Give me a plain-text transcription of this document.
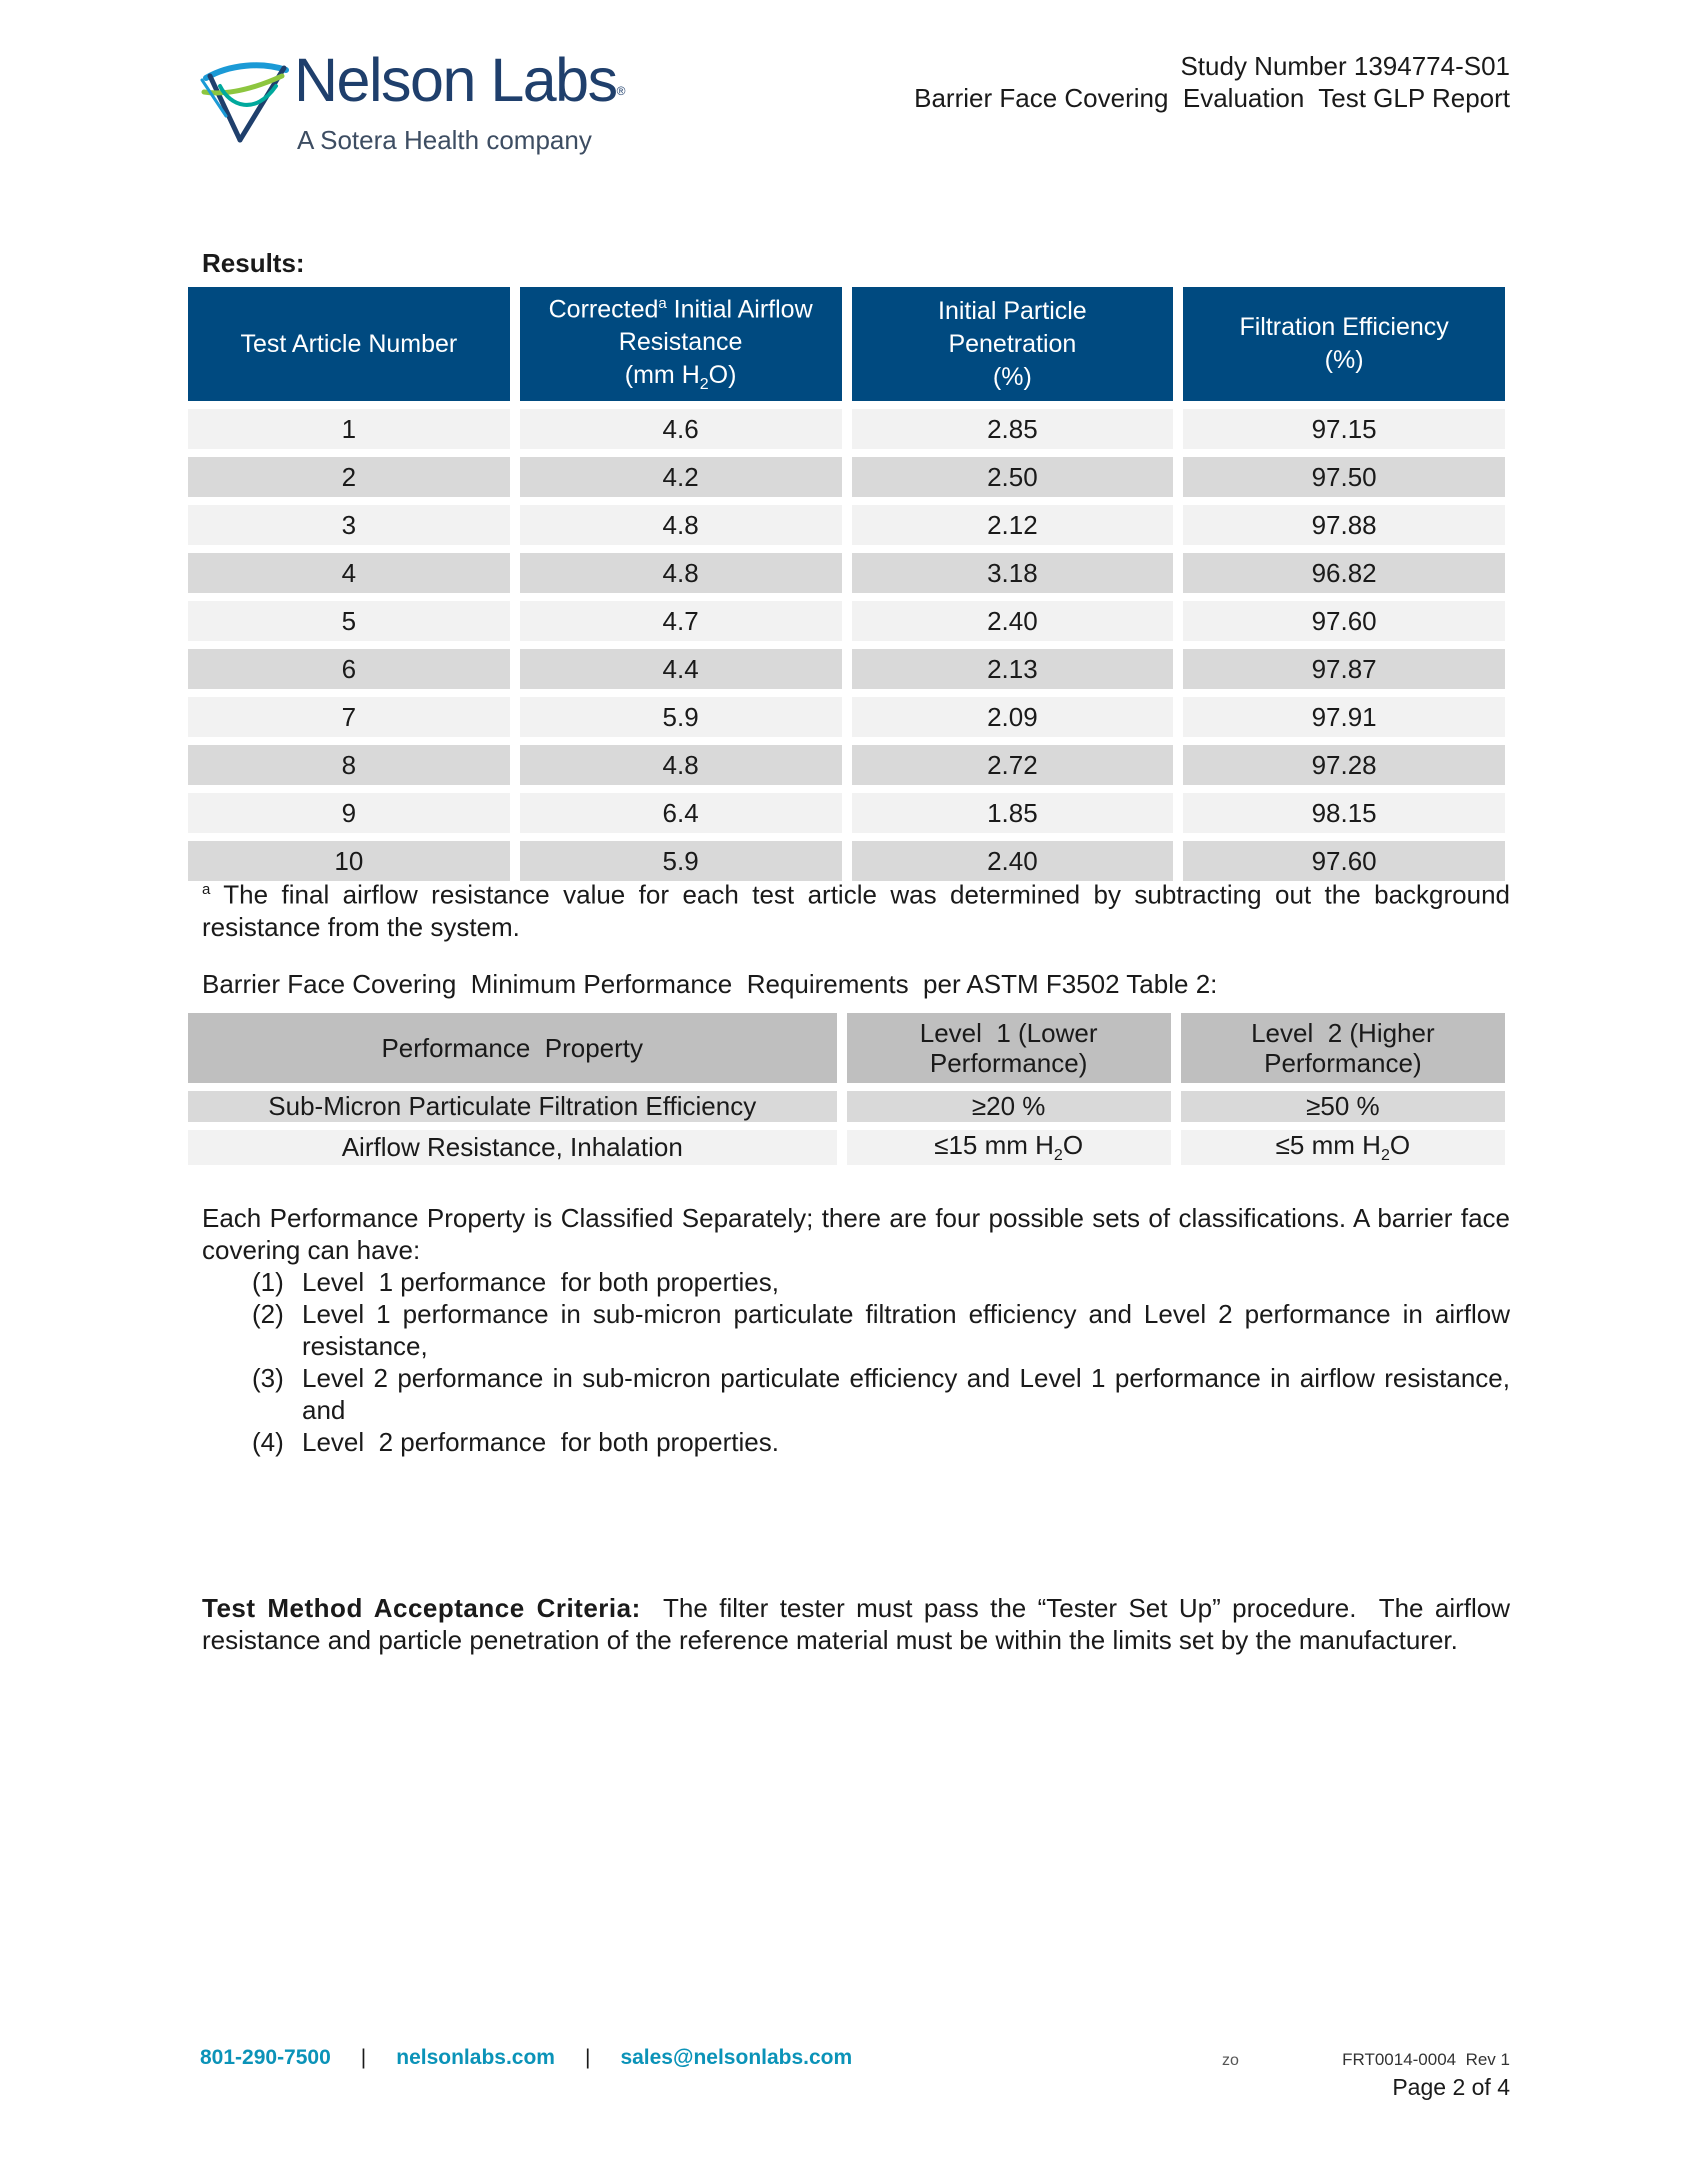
Nelson Labs®
A Sotera Health company
Study Number 1394774-S01
Barrier Face Covering  Evaluation  Test GLP Report
Results:
Test Article Number	Corrected$^a$ Initial Airflow
Resistance
(mm $H_2O$)	Initial Particle
Penetration
(%)	Filtration Efficiency
(%)
1	4.6	2.85	97.15
2	4.2	2.50	97.50
3	4.8	2.12	97.88
4	4.8	3.18	96.82
5	4.7	2.40	97.60
6	4.4	2.13	97.87
7	5.9	2.09	97.91
8	4.8	2.72	97.28
9	6.4	1.85	98.15
10	5.9	2.40	97.60
$^a$ The final airflow resistance value for each test article was determined by subtracting out the background resistance from the system.
Barrier Face Covering  Minimum Performance  Requirements  per ASTM F3502 Table 2:
Performance  Property	Level  1 (Lower
Performance)	Level  2 (Higher
Performance)
Sub-Micron Particulate Filtration Efficiency	≥20 %	≥50 %
Airflow Resistance, Inhalation	≤15 mm $H_2O$	≤5 mm $H_2O$
Each Performance Property is Classified Separately; there are four possible sets of classifications. A barrier face covering can have:
(1) Level  1 performance  for both properties,
(2) Level 1 performance in sub-micron particulate filtration efficiency and Level 2 performance in airflow resistance,
(3) Level 2 performance in sub-micron particulate efficiency and Level 1 performance in airflow resistance, and
(4) Level  2 performance  for both properties.
Test Method Acceptance Criteria:  The filter tester must pass the “Tester Set Up” procedure.  The airflow resistance and particle penetration of the reference material must be within the limits set by the manufacturer.
801-290-7500 | nelsonlabs.com | sales@nelsonlabs.com	zo	FRT0014-0004  Rev 1
Page 2 of 4
